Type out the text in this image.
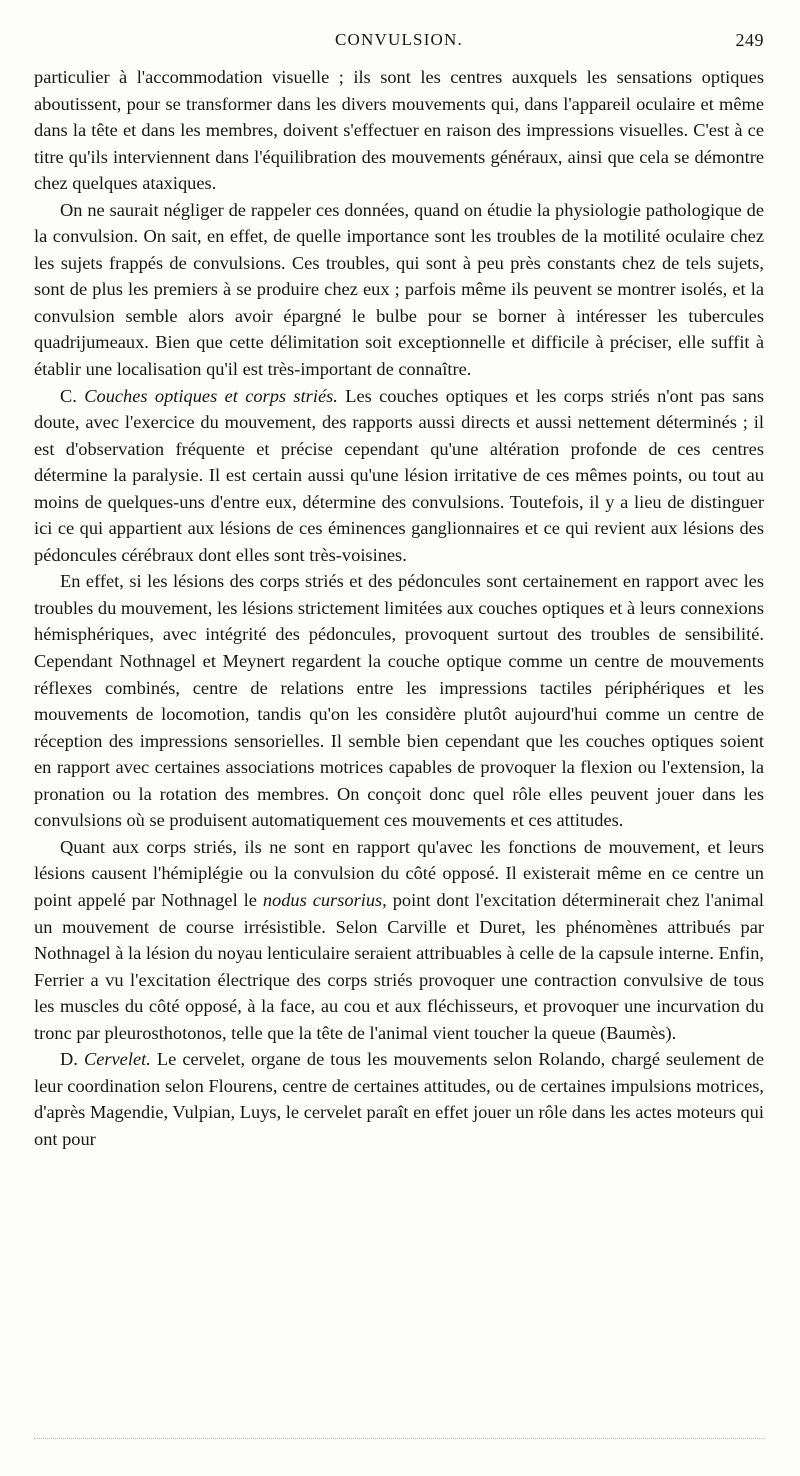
CONVULSION.	249

particulier à l'accommodation visuelle ; ils sont les centres auxquels les sensations optiques aboutissent, pour se transformer dans les divers mouvements qui, dans l'appareil oculaire et même dans la tête et dans les membres, doivent s'effectuer en raison des impressions visuelles. C'est à ce titre qu'ils interviennent dans l'équilibration des mouvements généraux, ainsi que cela se démontre chez quelques ataxiques.

On ne saurait négliger de rappeler ces données, quand on étudie la physiologie pathologique de la convulsion. On sait, en effet, de quelle importance sont les troubles de la motilité oculaire chez les sujets frappés de convulsions. Ces troubles, qui sont à peu près constants chez de tels sujets, sont de plus les premiers à se produire chez eux ; parfois même ils peuvent se montrer isolés, et la convulsion semble alors avoir épargné le bulbe pour se borner à intéresser les tubercules quadrijumeaux. Bien que cette délimitation soit exceptionnelle et difficile à préciser, elle suffit à établir une localisation qu'il est très-important de connaître.

C. Couches optiques et corps striés. Les couches optiques et les corps striés n'ont pas sans doute, avec l'exercice du mouvement, des rapports aussi directs et aussi nettement déterminés ; il est d'observation fréquente et précise cependant qu'une altération profonde de ces centres détermine la paralysie. Il est certain aussi qu'une lésion irritative de ces mêmes points, ou tout au moins de quelques-uns d'entre eux, détermine des convulsions. Toutefois, il y a lieu de distinguer ici ce qui appartient aux lésions de ces éminences ganglionnaires et ce qui revient aux lésions des pédoncules cérébraux dont elles sont très-voisines.

En effet, si les lésions des corps striés et des pédoncules sont certainement en rapport avec les troubles du mouvement, les lésions strictement limitées aux couches optiques et à leurs connexions hémisphériques, avec intégrité des pédoncules, provoquent surtout des troubles de sensibilité. Cependant Nothnagel et Meynert regardent la couche optique comme un centre de mouvements réflexes combinés, centre de relations entre les impressions tactiles périphériques et les mouvements de locomotion, tandis qu'on les considère plutôt aujourd'hui comme un centre de réception des impressions sensorielles. Il semble bien cependant que les couches optiques soient en rapport avec certaines associations motrices capables de provoquer la flexion ou l'extension, la pronation ou la rotation des membres. On conçoit donc quel rôle elles peuvent jouer dans les convulsions où se produisent automatiquement ces mouvements et ces attitudes.

Quant aux corps striés, ils ne sont en rapport qu'avec les fonctions de mouvement, et leurs lésions causent l'hémiplégie ou la convulsion du côté opposé. Il existerait même en ce centre un point appelé par Nothnagel le nodus cursorius, point dont l'excitation déterminerait chez l'animal un mouvement de course irrésistible. Selon Carville et Duret, les phénomènes attribués par Nothnagel à la lésion du noyau lenticulaire seraient attribuables à celle de la capsule interne. Enfin, Ferrier a vu l'excitation électrique des corps striés provoquer une contraction convulsive de tous les muscles du côté opposé, à la face, au cou et aux fléchisseurs, et provoquer une incurvation du tronc par pleurosthotonos, telle que la tête de l'animal vient toucher la queue (Baumès).

D. Cervelet. Le cervelet, organe de tous les mouvements selon Rolando, chargé seulement de leur coordination selon Flourens, centre de certaines attitudes, ou de certaines impulsions motrices, d'après Magendie, Vulpian, Luys, le cervelet paraît en effet jouer un rôle dans les actes moteurs qui ont pour
